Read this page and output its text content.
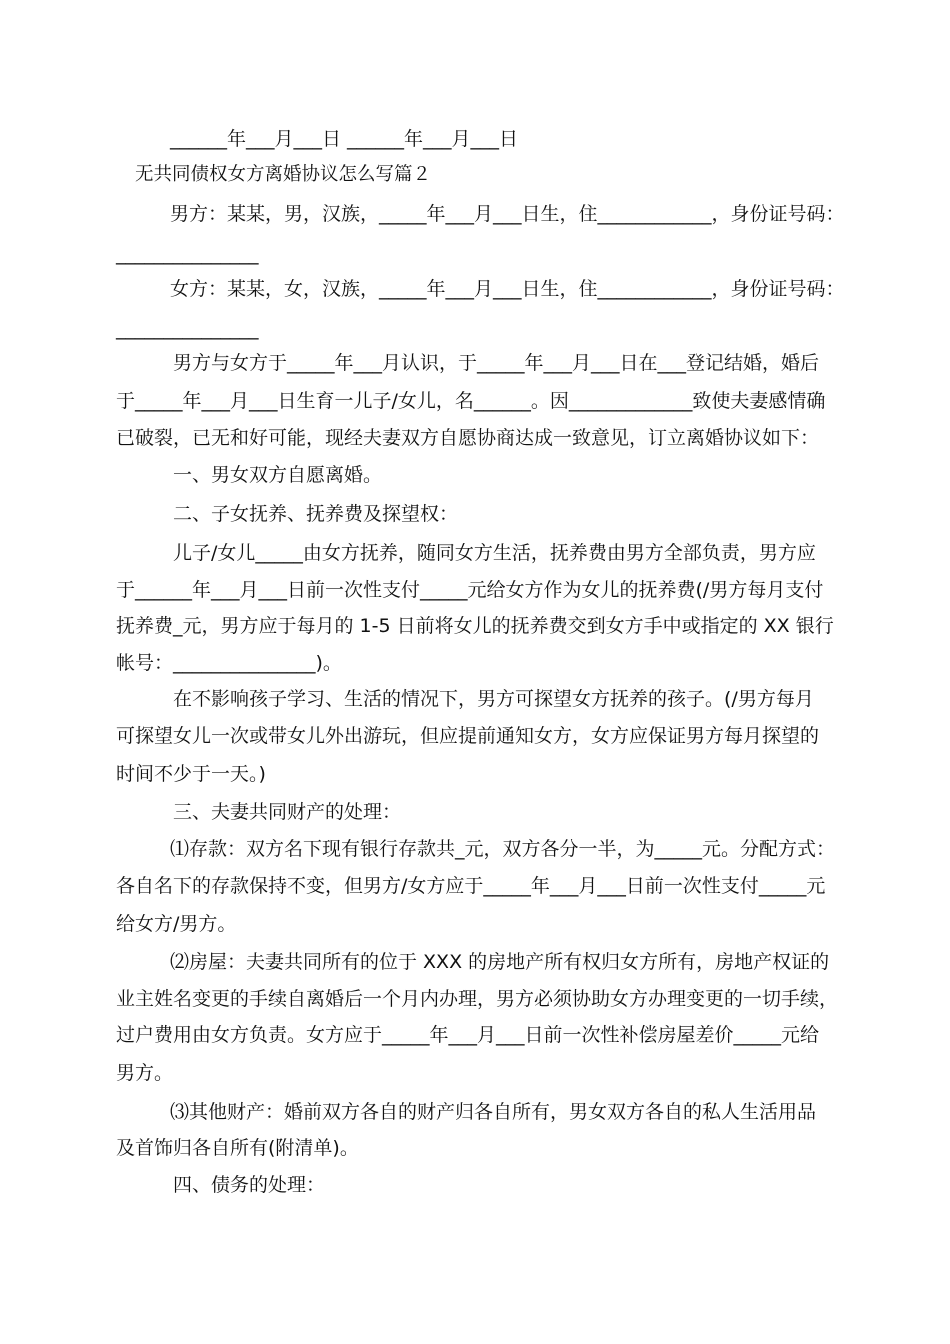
______年___月___日 ______年___月___日
无共同债权女方离婚协议怎么写篇２
男方：某某，男，汉族，_____年___月___日生，住____________，身份证号码：
_______________
女方：某某，女，汉族，_____年___月___日生，住____________，身份证号码：
_______________
男方与女方于_____年___月认识，于_____年___月___日在___登记结婚，婚后
于_____年___月___日生育一儿子/女儿，名______。因_____________致使夫妻感情确
已破裂，已无和好可能，现经夫妻双方自愿协商达成一致意见，订立离婚协议如下：
一、男女双方自愿离婚。
二、子女抚养、抚养费及探望权：
儿子/女儿_____由女方抚养，随同女方生活，抚养费由男方全部负责，男方应
于______年___月___日前一次性支付_____元给女方作为女儿的抚养费(/男方每月支付
抚养费_元，男方应于每月的 1-5 日前将女儿的抚养费交到女方手中或指定的 XX 银行
帐号：_______________)。
在不影响孩子学习、生活的情况下，男方可探望女方抚养的孩子。(/男方每月
可探望女儿一次或带女儿外出游玩，但应提前通知女方，女方应保证男方每月探望的
时间不少于一天。)
三、夫妻共同财产的处理：
⑴存款：双方名下现有银行存款共_元，双方各分一半，为_____元。分配方式：
各自名下的存款保持不变，但男方/女方应于_____年___月___日前一次性支付_____元
给女方/男方。
⑵房屋：夫妻共同所有的位于 XXX 的房地产所有权归女方所有，房地产权证的
业主姓名变更的手续自离婚后一个月内办理，男方必须协助女方办理变更的一切手续，
过户费用由女方负责。女方应于_____年___月___日前一次性补偿房屋差价_____元给
男方。
⑶其他财产：婚前双方各自的财产归各自所有，男女双方各自的私人生活用品
及首饰归各自所有(附清单)。
四、债务的处理：
